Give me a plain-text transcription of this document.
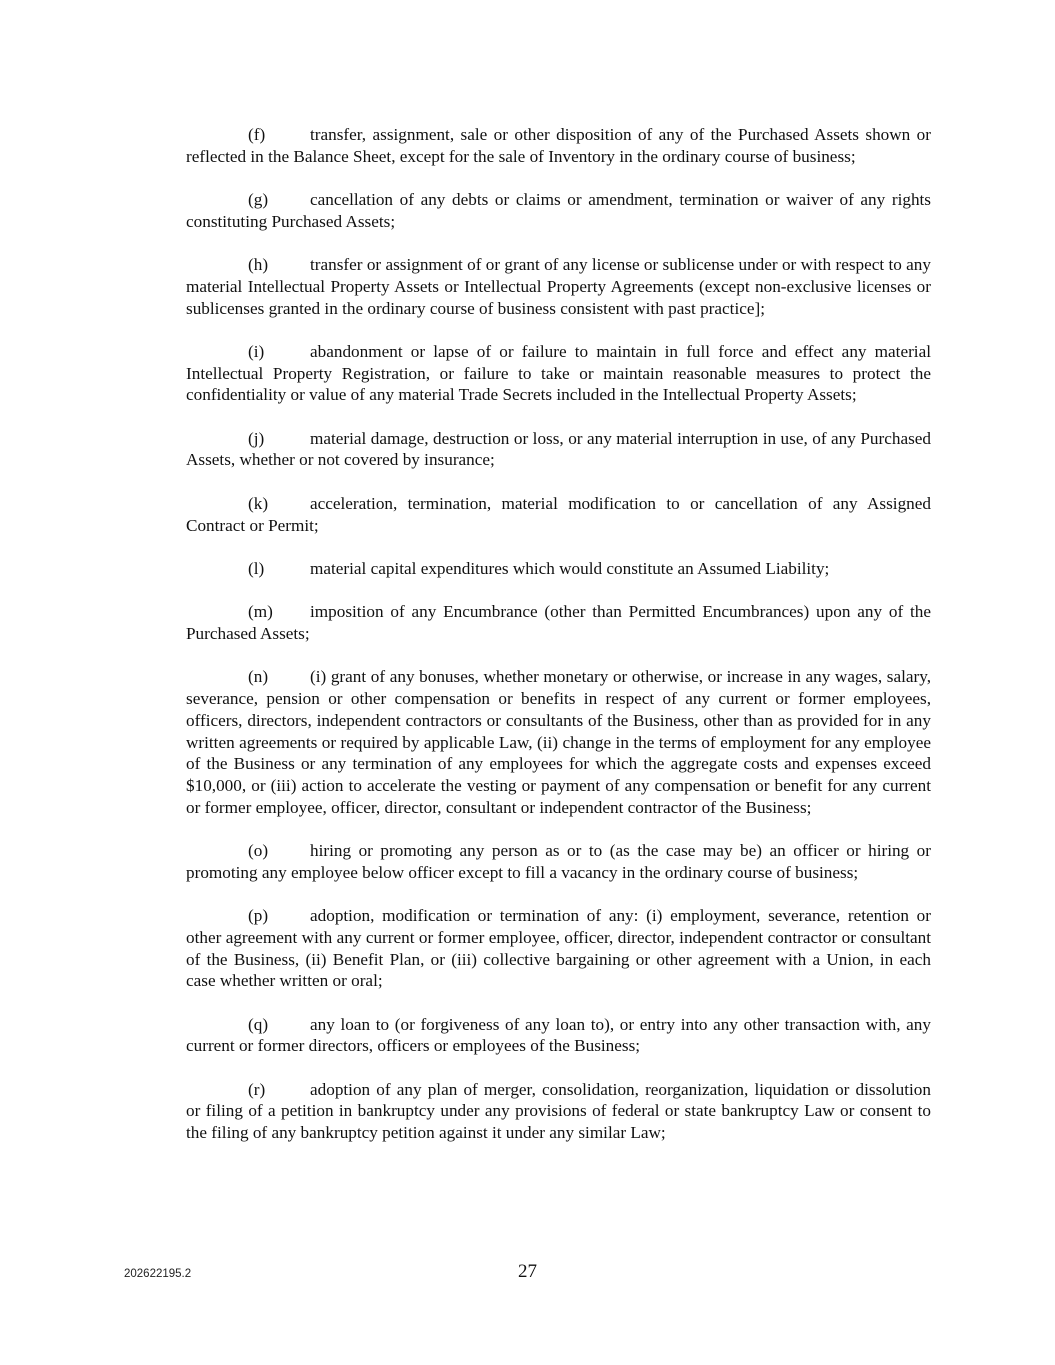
(f)	transfer, assignment, sale or other disposition of any of the Purchased Assets shown or reflected in the Balance Sheet, except for the sale of Inventory in the ordinary course of business;

(g) cancellation of any debts or claims or amendment, termination or waiver of any rights constituting Purchased Assets;

(h) transfer or assignment of or grant of any license or sublicense under or with respect to any material Intellectual Property Assets or Intellectual Property Agreements (except non-exclusive licenses or sublicenses granted in the ordinary course of business consistent with past practice];

(i)	abandonment or lapse of or failure to maintain in full force and effect any material Intellectual Property Registration, or failure to take or maintain reasonable measures to protect the confidentiality or value of any material Trade Secrets included in the Intellectual Property Assets;

(j)	material damage, destruction or loss, or any material interruption in use, of any Purchased Assets, whether or not covered by insurance;

(k) acceleration, termination, material modification to or cancellation of any Assigned Contract or Permit;

(l)	material capital expenditures which would constitute an Assumed Liability;

(m) imposition of any Encumbrance (other than Permitted Encumbrances) upon any of the Purchased Assets;

(n) (i) grant of any bonuses, whether monetary or otherwise, or increase in any wages, salary, severance, pension or other compensation or benefits in respect of any current or former employees, officers, directors, independent contractors or consultants of the Business, other than as provided for in any written agreements or required by applicable Law, (ii) change in the terms of employment for any employee of the Business or any termination of any employees for which the aggregate costs and expenses exceed $10,000, or (iii) action to accelerate the vesting or payment of any compensation or benefit for any current or former employee, officer, director, consultant or independent contractor of the Business;

(o) hiring or promoting any person as or to (as the case may be) an officer or hiring or promoting any employee below officer except to fill a vacancy in the ordinary course of business;

(p) adoption, modification or termination of any: (i) employment, severance, retention or other agreement with any current or former employee, officer, director, independent contractor or consultant of the Business, (ii) Benefit Plan, or (iii) collective bargaining or other agreement with a Union, in each case whether written or oral;

(q) any loan to (or forgiveness of any loan to), or entry into any other transaction with, any current or former directors, officers or employees of the Business;

(r)	adoption of any plan of merger, consolidation, reorganization, liquidation or dissolution or filing of a petition in bankruptcy under any provisions of federal or state bankruptcy Law or consent to the filing of any bankruptcy petition against it under any similar Law;

202622195.2	27
